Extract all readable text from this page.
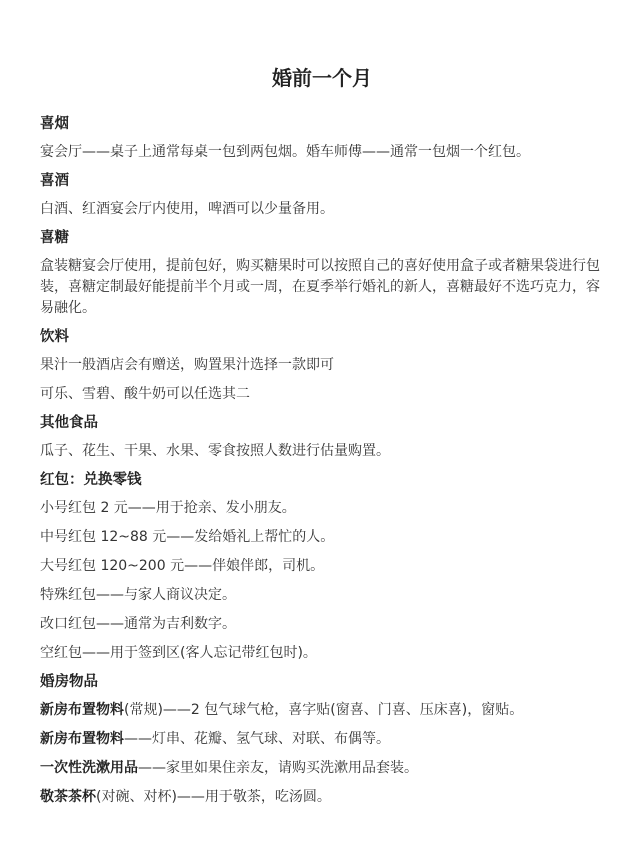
婚前一个月
喜烟
宴会厅——桌子上通常每桌一包到两包烟。婚车师傅——通常一包烟一个红包。
喜酒
白酒、红酒宴会厅内使用，啤酒可以少量备用。
喜糖
盒装糖宴会厅使用，提前包好，购买糖果时可以按照自己的喜好使用盒子或者糖果袋进行包装，喜糖定制最好能提前半个月或一周，在夏季举行婚礼的新人，喜糖最好不选巧克力，容易融化。
饮料
果汁一般酒店会有赠送，购置果汁选择一款即可
可乐、雪碧、酸牛奶可以任选其二
其他食品
瓜子、花生、干果、水果、零食按照人数进行估量购置。
红包：兑换零钱
小号红包 2 元——用于抢亲、发小朋友。
中号红包 12~88 元——发给婚礼上帮忙的人。
大号红包 120~200 元——伴娘伴郎，司机。
特殊红包——与家人商议决定。
改口红包——通常为吉利数字。
空红包——用于签到区(客人忘记带红包时)。
婚房物品
新房布置物料(常规)——2 包气球气枪，喜字贴(窗喜、门喜、压床喜)，窗贴。
新房布置物料——灯串、花瓣、氢气球、对联、布偶等。
一次性洗漱用品——家里如果住亲友，请购买洗漱用品套装。
敬茶茶杯(对碗、对杯)——用于敬茶，吃汤圆。
